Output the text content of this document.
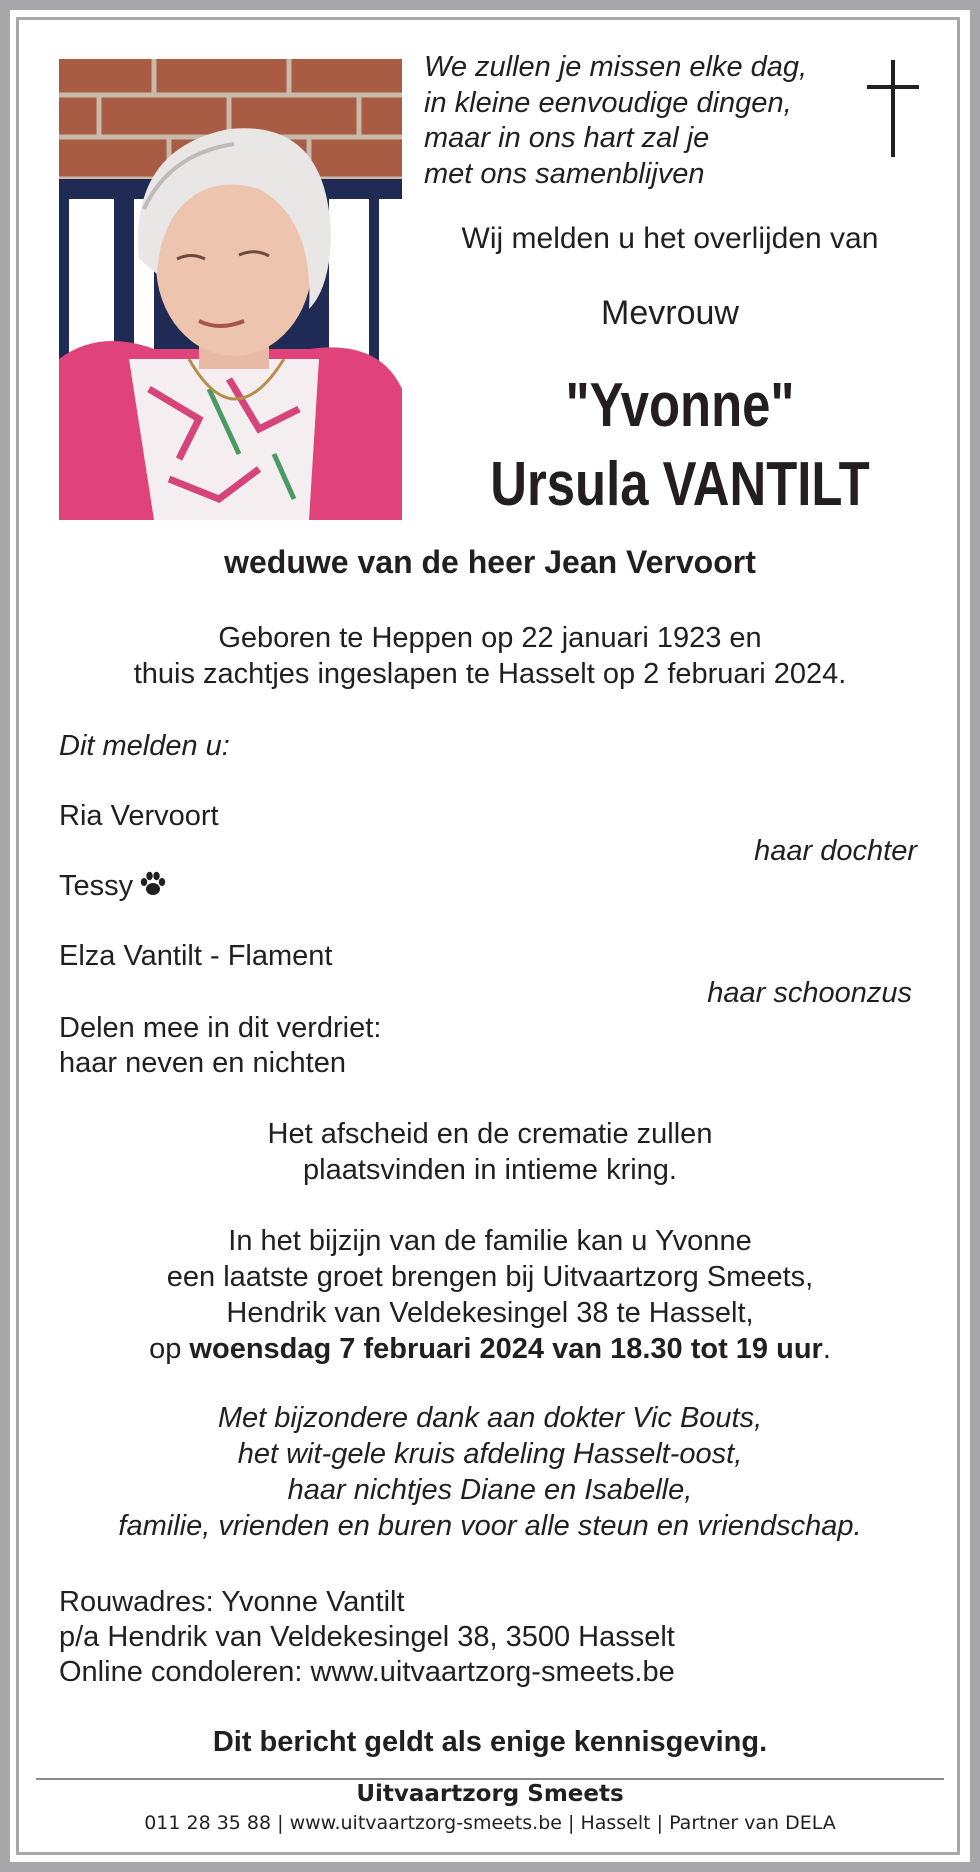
We zullen je missen elke dag,
in kleine eenvoudige dingen,
maar in ons hart zal je
met ons samenblijven
Wij melden u het overlijden van
Mevrouw
"Yvonne"
Ursula VANTILT
weduwe van de heer Jean Vervoort
Geboren te Heppen op 22 januari 1923 en
thuis zachtjes ingeslapen te Hasselt op 2 februari 2024.
Dit melden u:
Ria Vervoort
haar dochter
Tessy
Elza Vantilt - Flament
haar schoonzus
Delen mee in dit verdriet:
haar neven en nichten
Het afscheid en de crematie zullen
plaatsvinden in intieme kring.
In het bijzijn van de familie kan u Yvonne
een laatste groet brengen bij Uitvaartzorg Smeets,
Hendrik van Veldekesingel 38 te Hasselt,
op woensdag 7 februari 2024 van 18.30 tot 19 uur.
Met bijzondere dank aan dokter Vic Bouts,
het wit-gele kruis afdeling Hasselt-oost,
haar nichtjes Diane en Isabelle,
familie, vrienden en buren voor alle steun en vriendschap.
Rouwadres: Yvonne Vantilt
p/a Hendrik van Veldekesingel 38, 3500 Hasselt
Online condoleren: www.uitvaartzorg-smeets.be
Dit bericht geldt als enige kennisgeving.
Uitvaartzorg Smeets
011 28 35 88 | www.uitvaartzorg-smeets.be | Hasselt | Partner van DELA
